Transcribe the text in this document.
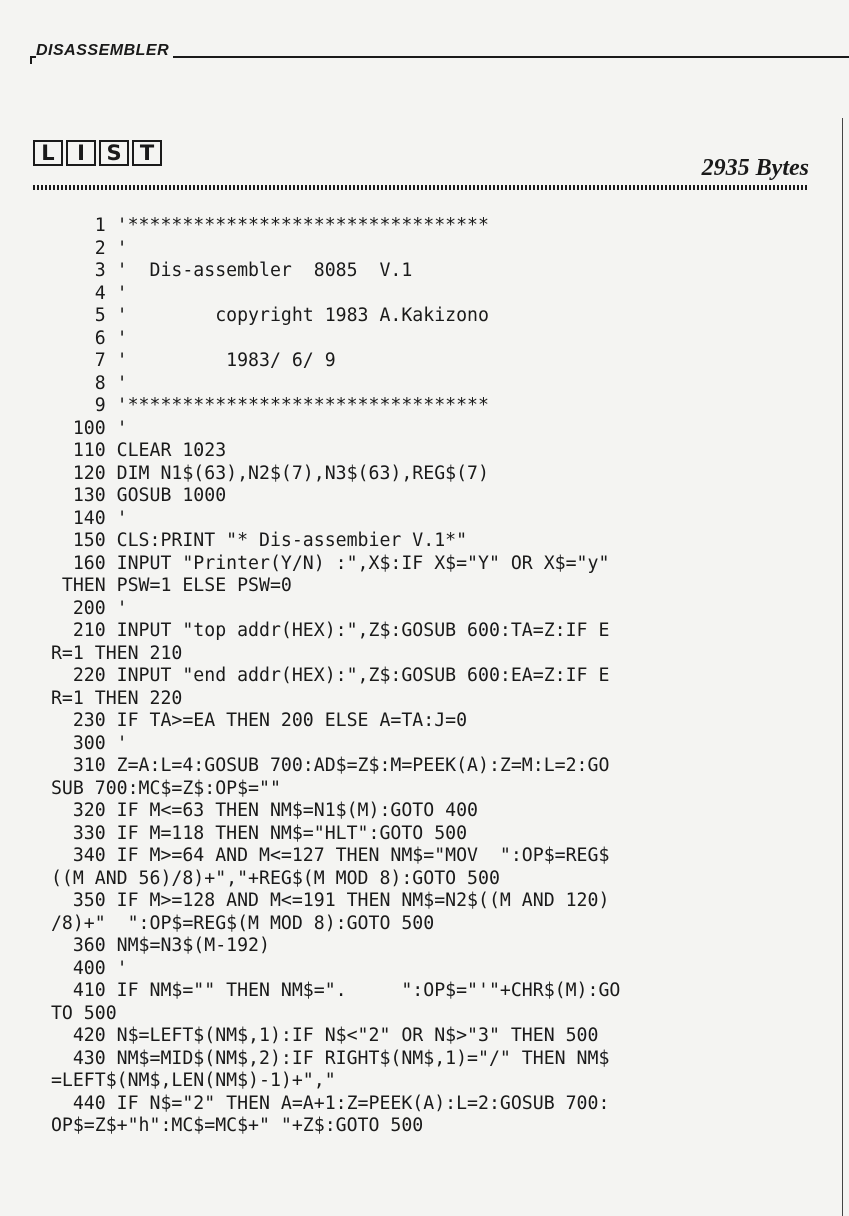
DISASSEMBLER
L	I	S T
2935 Bytes
1 '*********************************
2 '
3 '  Dis-assembler  8085  V.1
4 '
5 '        copyright 1983 A.Kakizono
6 '
7 '         1983/ 6/ 9
8 '
9 '*********************************
100 '
110 CLEAR 1023
120 DIM N1$(63),N2$(7),N3$(63),REG$(7)
130 GOSUB 1000
140 '
150 CLS:PRINT "* Dis-assembier V.1*"
160 INPUT "Printer(Y/N) :",X$:IF X$="Y" OR X$="y"
THEN PSW=1 ELSE PSW=0
200 '
210 INPUT "top addr(HEX):",Z$:GOSUB 600:TA=Z:IF E
R=1 THEN 210
220 INPUT "end addr(HEX):",Z$:GOSUB 600:EA=Z:IF E
R=1 THEN 220
230 IF TA>=EA THEN 200 ELSE A=TA:J=0
300 '
310 Z=A:L=4:GOSUB 700:AD$=Z$:M=PEEK(A):Z=M:L=2:GO
SUB 700:MC$=Z$:OP$=""
320 IF M<=63 THEN NM$=N1$(M):GOTO 400
330 IF M=118 THEN NM$="HLT":GOTO 500
340 IF M>=64 AND M<=127 THEN NM$="MOV  ":OP$=REG$
((M AND 56)/8)+","+REG$(M MOD 8):GOTO 500
350 IF M>=128 AND M<=191 THEN NM$=N2$((M AND 120)
/8)+"  ":OP$=REG$(M MOD 8):GOTO 500
360 NM$=N3$(M-192)
400 '
410 IF NM$="" THEN NM$=".     ":OP$="'"+CHR$(M):GO
TO 500
420 N$=LEFT$(NM$,1):IF N$<"2" OR N$>"3" THEN 500
430 NM$=MID$(NM$,2):IF RIGHT$(NM$,1)="/" THEN NM$
=LEFT$(NM$,LEN(NM$)-1)+","
440 IF N$="2" THEN A=A+1:Z=PEEK(A):L=2:GOSUB 700:
OP$=Z$+"h":MC$=MC$+" "+Z$:GOTO 500
